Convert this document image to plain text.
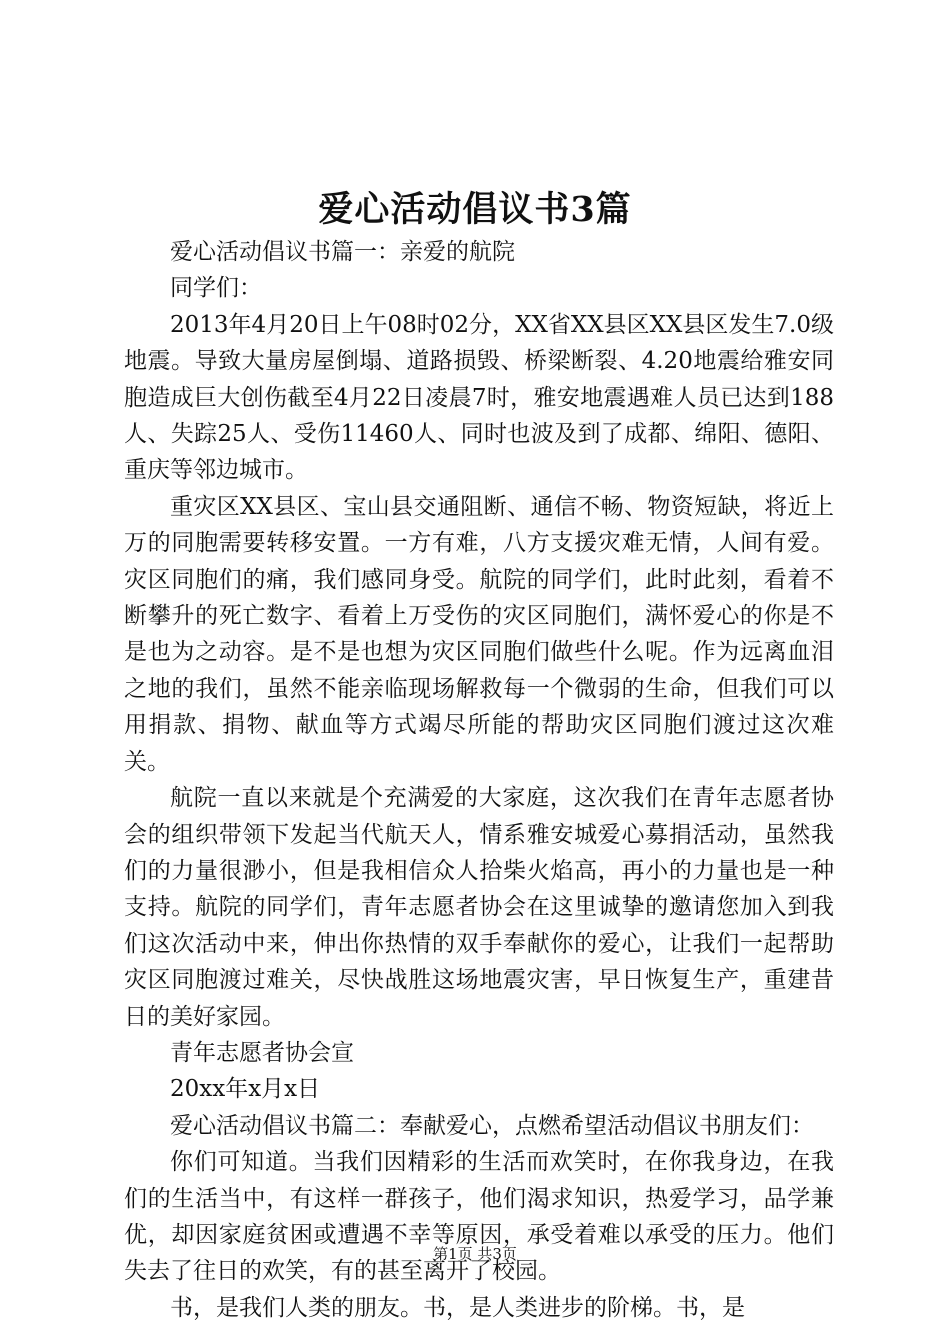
爱心活动倡议书3篇

爱心活动倡议书篇一：亲爱的航院

同学们：

2013年4月20日上午08时02分，XX省XX县区XX县区发生7.0级地震。导致大量房屋倒塌、道路损毁、桥梁断裂、4.20地震给雅安同胞造成巨大创伤截至4月22日凌晨7时，雅安地震遇难人员已达到188人、失踪25人、受伤11460人、同时也波及到了成都、绵阳、德阳、重庆等邻边城市。

重灾区XX县区、宝山县交通阻断、通信不畅、物资短缺，将近上万的同胞需要转移安置。一方有难，八方支援灾难无情，人间有爱。灾区同胞们的痛，我们感同身受。航院的同学们，此时此刻，看着不断攀升的死亡数字、看着上万受伤的灾区同胞们，满怀爱心的你是不是也为之动容。是不是也想为灾区同胞们做些什么呢。作为远离血泪之地的我们，虽然不能亲临现场解救每一个微弱的生命，但我们可以用捐款、捐物、献血等方式竭尽所能的帮助灾区同胞们渡过这次难关。

航院一直以来就是个充满爱的大家庭，这次我们在青年志愿者协会的组织带领下发起当代航天人，情系雅安城爱心募捐活动，虽然我们的力量很渺小，但是我相信众人拾柴火焰高，再小的力量也是一种支持。航院的同学们，青年志愿者协会在这里诚挚的邀请您加入到我们这次活动中来，伸出你热情的双手奉献你的爱心，让我们一起帮助灾区同胞渡过难关，尽快战胜这场地震灾害，早日恢复生产，重建昔日的美好家园。

青年志愿者协会宣

20xx年x月x日

爱心活动倡议书篇二：奉献爱心，点燃希望活动倡议书朋友们：

你们可知道。当我们因精彩的生活而欢笑时，在你我身边，在我们的生活当中，有这样一群孩子，他们渴求知识，热爱学习，品学兼优，却因家庭贫困或遭遇不幸等原因，承受着难以承受的压力。他们失去了往日的欢笑，有的甚至离开了校园。

书，是我们人类的朋友。书，是人类进步的阶梯。书，是

第1页 共3页
